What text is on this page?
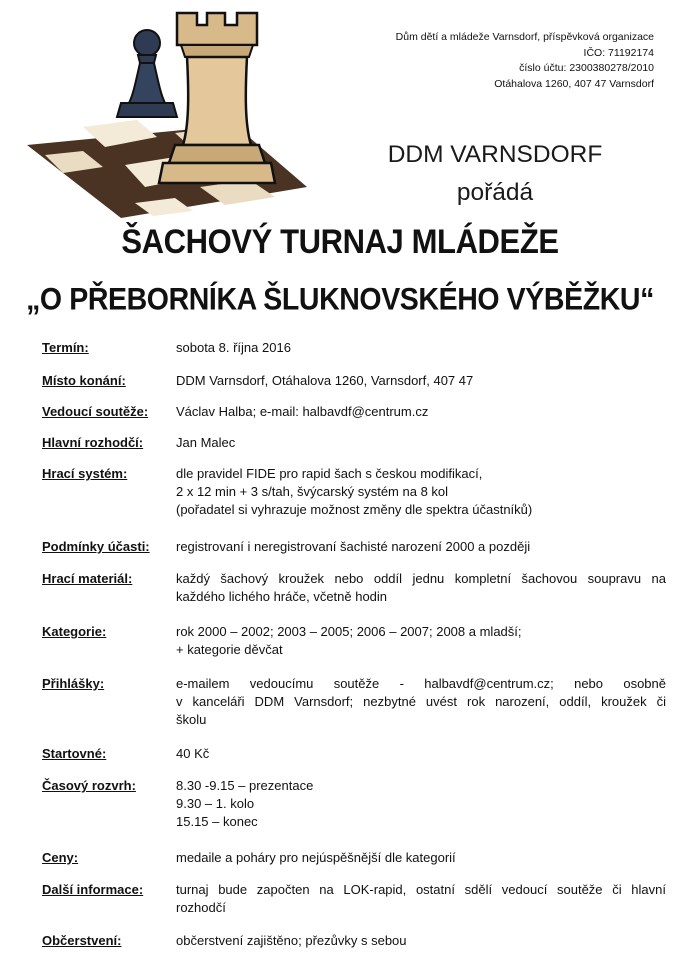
Dům dětí a mládeže Varnsdorf, příspěvková organizace
IČO: 71192174
číslo účtu: 2300380278/2010
Otáhalova 1260, 407 47 Varnsdorf
DDM VARNSDORF
pořádá
ŠACHOVÝ TURNAJ MLÁDEŽE
„O PŘEBORNÍKA ŠLUKNOVSKÉHO VÝBĚŽKU“
Termín:	sobota 8. října 2016
Místo konání:	DDM Varnsdorf, Otáhalova 1260, Varnsdorf, 407 47
Vedoucí soutěže:	Václav Halba; e-mail: halbavdf@centrum.cz
Hlavní rozhodčí:	Jan Malec
Hrací systém:	dle pravidel FIDE pro rapid šach s českou modifikací,
2 x 12 min + 3 s/tah, švýcarský systém na 8 kol
(pořadatel si vyhrazuje možnost změny dle spektra účastníků)
Podmínky účasti:	registrovaní i neregistrovaní šachisté narození 2000 a později
Hrací materiál:	každý šachový kroužek nebo oddíl jednu kompletní šachovou soupravu na
každého lichého hráče, včetně hodin
Kategorie:	rok 2000 – 2002; 2003 – 2005; 2006 – 2007; 2008 a mladší;
+ kategorie děvčat
Přihlášky:	e-mailem vedoucímu soutěže - halbavdf@centrum.cz; nebo osobně
v kanceláři DDM Varnsdorf; nezbytné uvést rok narození, oddíl, kroužek či
školu
Startovné:	40 Kč
Časový rozvrh:	8.30 -9.15 – prezentace
9.30 – 1. kolo
15.15 – konec
Ceny:	medaile a poháry pro nejúspěšnější dle kategorií
Další informace:	turnaj bude započten na LOK-rapid, ostatní sdělí vedoucí soutěže či hlavní
rozhodčí
Občerstvení:	občerstvení zajištěno; přezůvky s sebou
